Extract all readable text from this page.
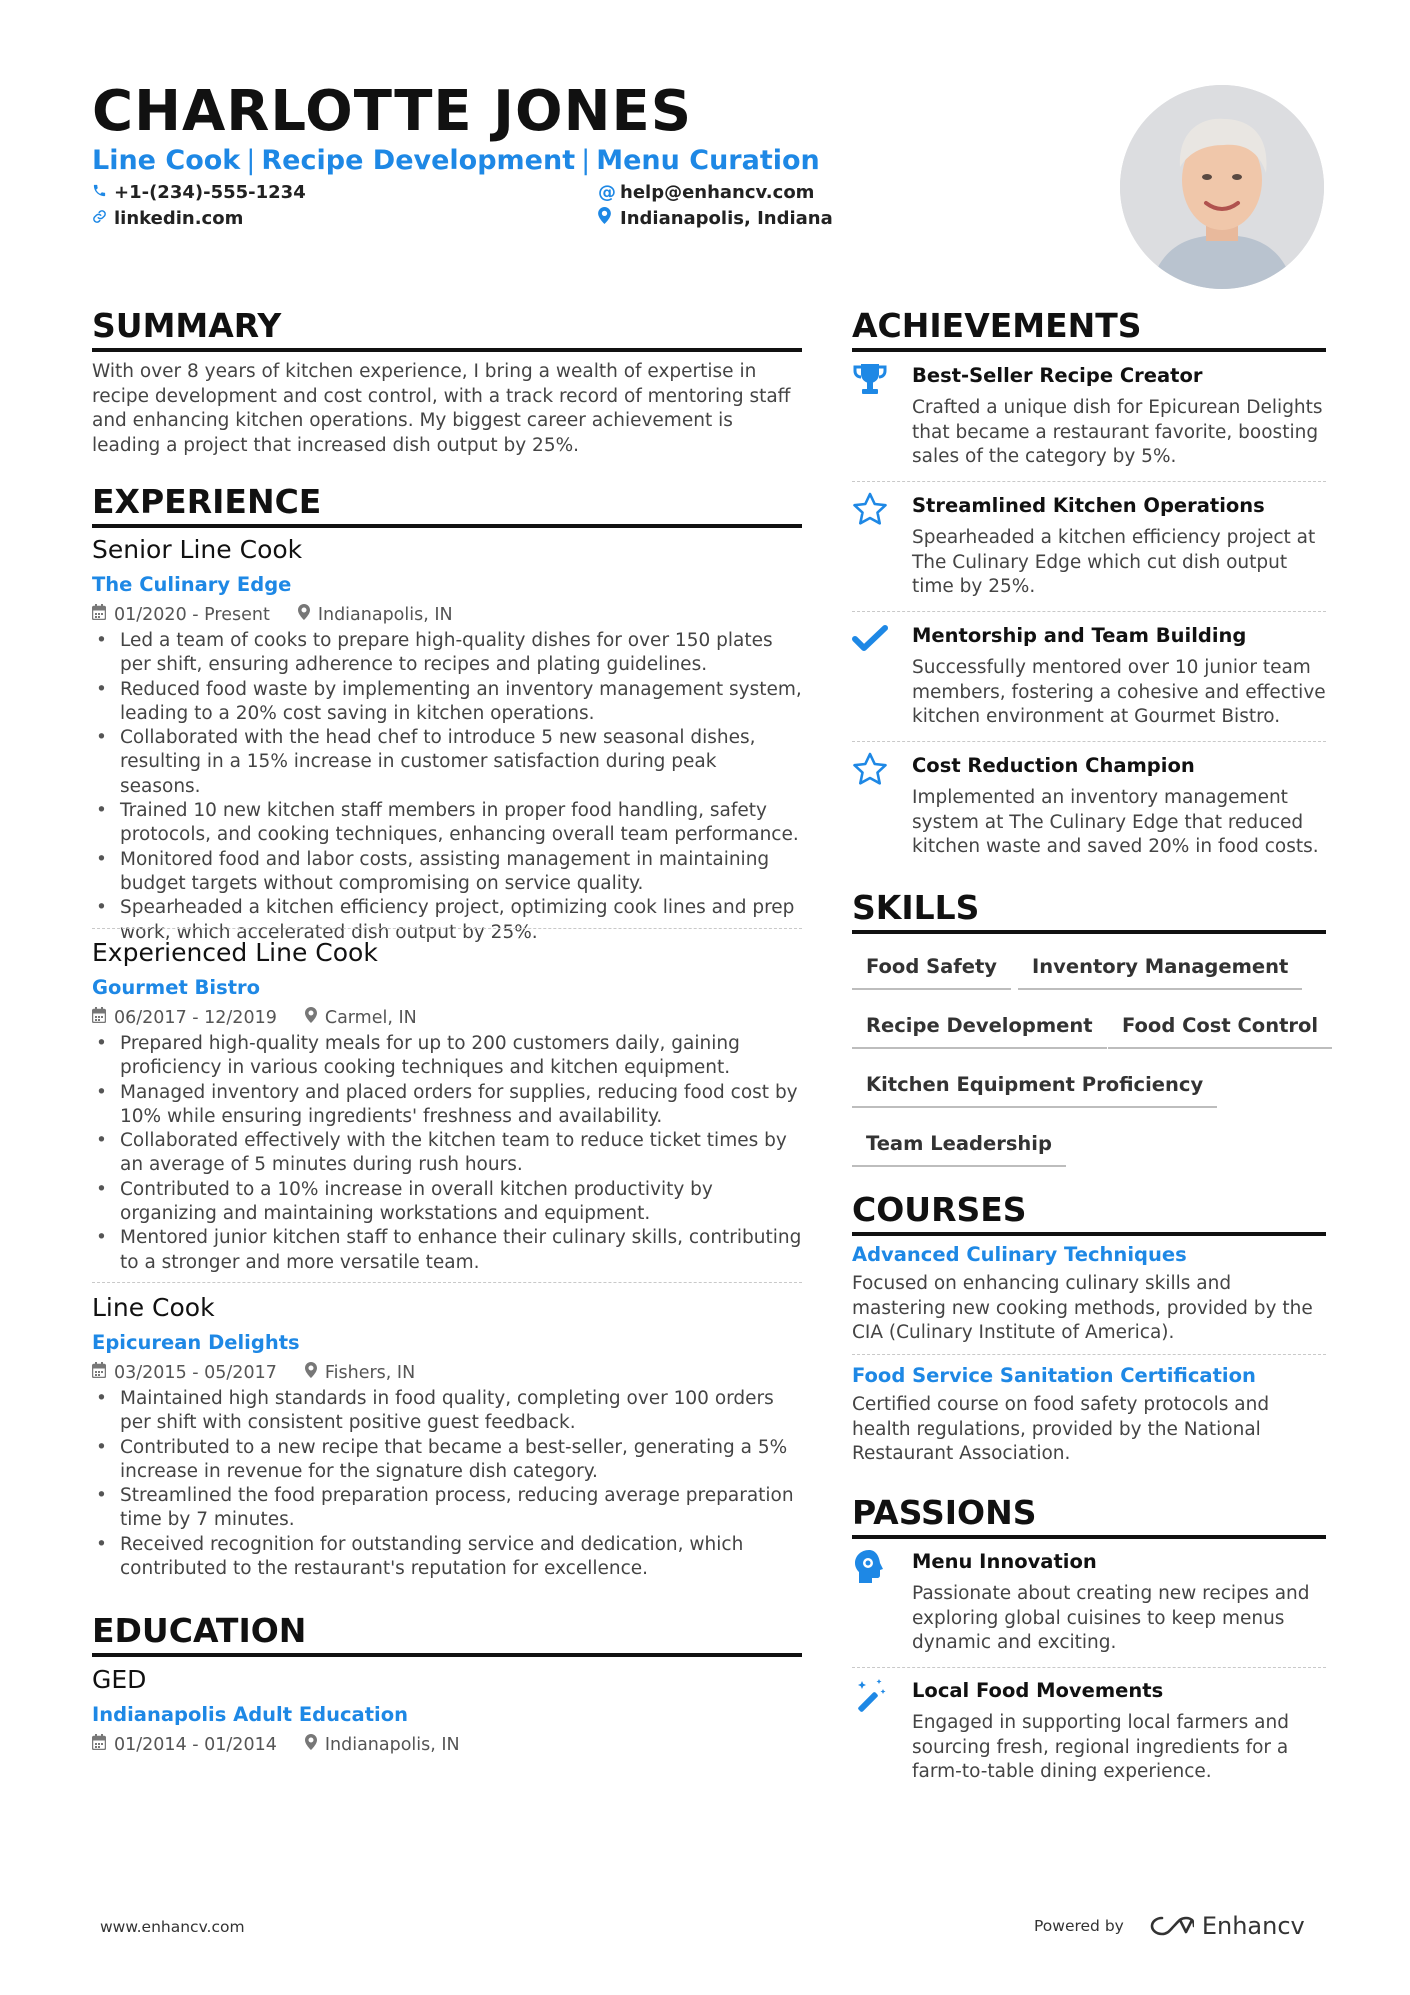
CHARLOTTE JONES
Line Cook | Recipe Development | Menu Curation
+1-(234)-555-1234	@ help@enhancv.com
linkedin.com	Indianapolis, Indiana
SUMMARY
With over 8 years of kitchen experience, I bring a wealth of expertise in recipe development and cost control, with a track record of mentoring staff and enhancing kitchen operations. My biggest career achievement is leading a project that increased dish output by 25%.
EXPERIENCE
Senior Line Cook
The Culinary Edge
01/2020 - Present	Indianapolis, IN
• Led a team of cooks to prepare high-quality dishes for over 150 plates per shift, ensuring adherence to recipes and plating guidelines.
• Reduced food waste by implementing an inventory management system, leading to a 20% cost saving in kitchen operations.
• Collaborated with the head chef to introduce 5 new seasonal dishes, resulting in a 15% increase in customer satisfaction during peak seasons.
• Trained 10 new kitchen staff members in proper food handling, safety protocols, and cooking techniques, enhancing overall team performance.
• Monitored food and labor costs, assisting management in maintaining budget targets without compromising on service quality.
• Spearheaded a kitchen efficiency project, optimizing cook lines and prep work, which accelerated dish output by 25%.
Experienced Line Cook
Gourmet Bistro
06/2017 - 12/2019	Carmel, IN
• Prepared high-quality meals for up to 200 customers daily, gaining proficiency in various cooking techniques and kitchen equipment.
• Managed inventory and placed orders for supplies, reducing food cost by 10% while ensuring ingredients' freshness and availability.
• Collaborated effectively with the kitchen team to reduce ticket times by an average of 5 minutes during rush hours.
• Contributed to a 10% increase in overall kitchen productivity by organizing and maintaining workstations and equipment.
• Mentored junior kitchen staff to enhance their culinary skills, contributing to a stronger and more versatile team.
Line Cook
Epicurean Delights
03/2015 - 05/2017	Fishers, IN
• Maintained high standards in food quality, completing over 100 orders per shift with consistent positive guest feedback.
• Contributed to a new recipe that became a best-seller, generating a 5% increase in revenue for the signature dish category.
• Streamlined the food preparation process, reducing average preparation time by 7 minutes.
• Received recognition for outstanding service and dedication, which contributed to the restaurant's reputation for excellence.
EDUCATION
GED
Indianapolis Adult Education
01/2014 - 01/2014	Indianapolis, IN
ACHIEVEMENTS
Best-Seller Recipe Creator
Crafted a unique dish for Epicurean Delights that became a restaurant favorite, boosting sales of the category by 5%.
Streamlined Kitchen Operations
Spearheaded a kitchen efficiency project at The Culinary Edge which cut dish output time by 25%.
Mentorship and Team Building
Successfully mentored over 10 junior team members, fostering a cohesive and effective kitchen environment at Gourmet Bistro.
Cost Reduction Champion
Implemented an inventory management system at The Culinary Edge that reduced kitchen waste and saved 20% in food costs.
SKILLS
Food Safety	Inventory Management
Recipe Development	Food Cost Control
Kitchen Equipment Proficiency
Team Leadership
COURSES
Advanced Culinary Techniques
Focused on enhancing culinary skills and mastering new cooking methods, provided by the CIA (Culinary Institute of America).
Food Service Sanitation Certification
Certified course on food safety protocols and health regulations, provided by the National Restaurant Association.
PASSIONS
Menu Innovation
Passionate about creating new recipes and exploring global cuisines to keep menus dynamic and exciting.
Local Food Movements
Engaged in supporting local farmers and sourcing fresh, regional ingredients for a farm-to-table dining experience.
www.enhancv.com	Powered by	Enhancv
